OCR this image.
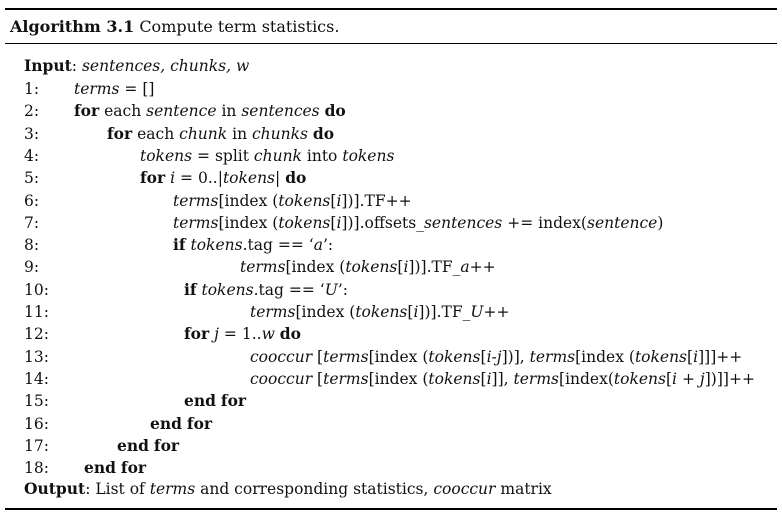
Algorithm 3.1 Compute term statistics.
Input: sentences, chunks, w
1: terms = []
2: for each sentence in sentences do
3:	for each chunk in chunks do
4:	tokens = split chunk into tokens
5:	for i = 0..|tokens| do
6:	terms[index (tokens[i])].TF++
7:	terms[index (tokens[i])].offsets_sentences += index(sentence)
8:	if tokens.tag == ‘a’:
9:	terms[index (tokens[i])].TF_a++
10:	if tokens.tag == ‘U’:
11:	terms[index (tokens[i])].TF_U++
12:	for j = 1..w do
13:	cooccur [terms[index (tokens[i-j])], terms[index (tokens[i]]]++
14:	cooccur [terms[index (tokens[i]], terms[index(tokens[i + j])]]++
15:	end for
16:	end for
17:	end for
18: end for
Output: List of terms and corresponding statistics, cooccur matrix
